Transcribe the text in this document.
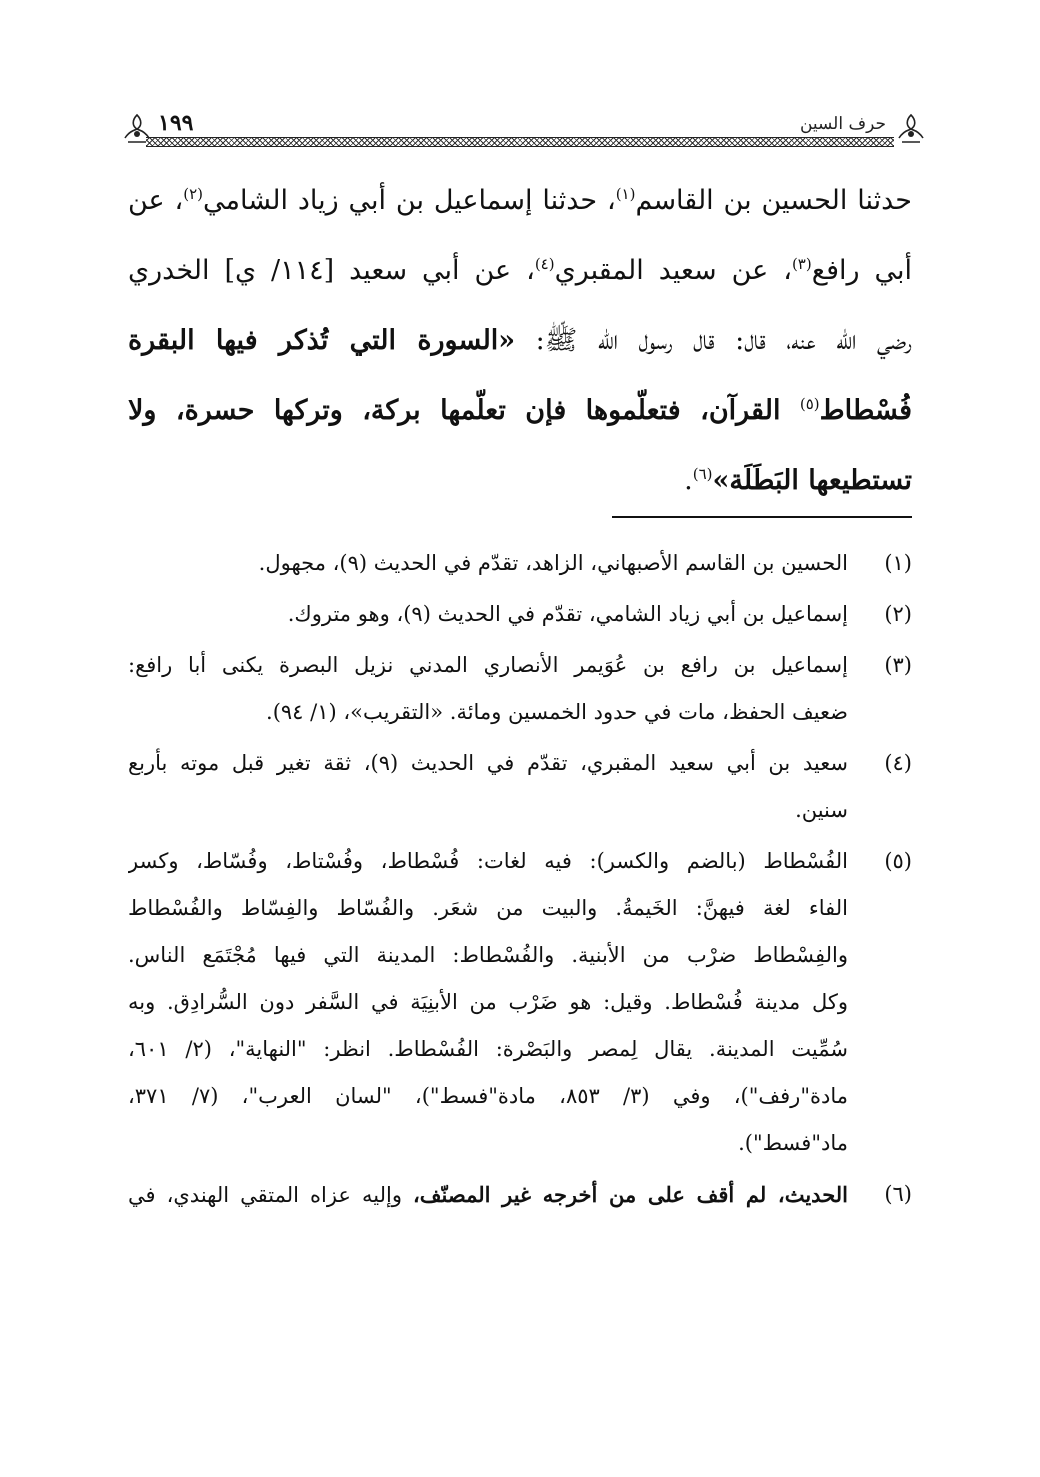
حرف السين
١٩٩
حدثنا الحسين بن القاسم$^{(١)}$، حدثنا إسماعيل بن أبي زياد الشامي$^{(٢)}$، عن
أبي رافع$^{(٣)}$، عن سعيد المقبري$^{(٤)}$، عن أبي سعيد [١١٤/ ي] الخدري
رضي الله عنه، قال: قال رسول الله ﷺ: «السورة التي تُذكر فيها البقرة
فُسْطاط$^{(٥)}$ القرآن، فتعلّموها فإن تعلّمها بركة، وتركها حسرة، ولا
تستطيعها البَطَلَة»$^{(٦)}$.
(١)
الحسين بن القاسم الأصبهاني، الزاهد، تقدّم في الحديث (٩)، مجهول.
(٢)
إسماعيل بن أبي زياد الشامي، تقدّم في الحديث (٩)، وهو متروك.
(٣)
إسماعيل بن رافع بن عُوَيمر الأنصاري المدني نزيل البصرة يكنى أبا رافع:
ضعيف الحفظ، مات في حدود الخمسين ومائة. «التقريب»، (١/ ٩٤).
(٤)
سعيد بن أبي سعيد المقبري، تقدّم في الحديث (٩)، ثقة تغير قبل موته بأربع
سنين.
(٥)
الفُسْطاط (بالضم والكسر): فيه لغات: فُسْطاط، وفُسْتاط، وفُسّاط، وكسر
الفاء لغة فيهنَّ: الخَيمةُ. والبيت من شعَر. والفُسّاط والفِسّاط والفُسْطاط
والفِسْطاط ضرْب من الأبنية. والفُسْطاط: المدينة التي فيها مُجْتَمَع الناس.
وكل مدينة فُسْطاط. وقيل: هو ضَرْب من الأبنِيَة في السَّفر دون السُّرادِق. وبه
سُمِّيت المدينة. يقال لِمصر والبَصْرة: الفُسْطاط. انظر: "النهاية"، (٢/ ٦٠١،
مادة"رفف")، وفي (٣/ ٨٥٣، مادة"فسط")، "لسان العرب"، (٧/ ٣٧١،
ماد"فسط").
(٦)
الحديث، لم أقف على من أخرجه غير المصنّف، وإليه عزاه المتقي الهندي، في
